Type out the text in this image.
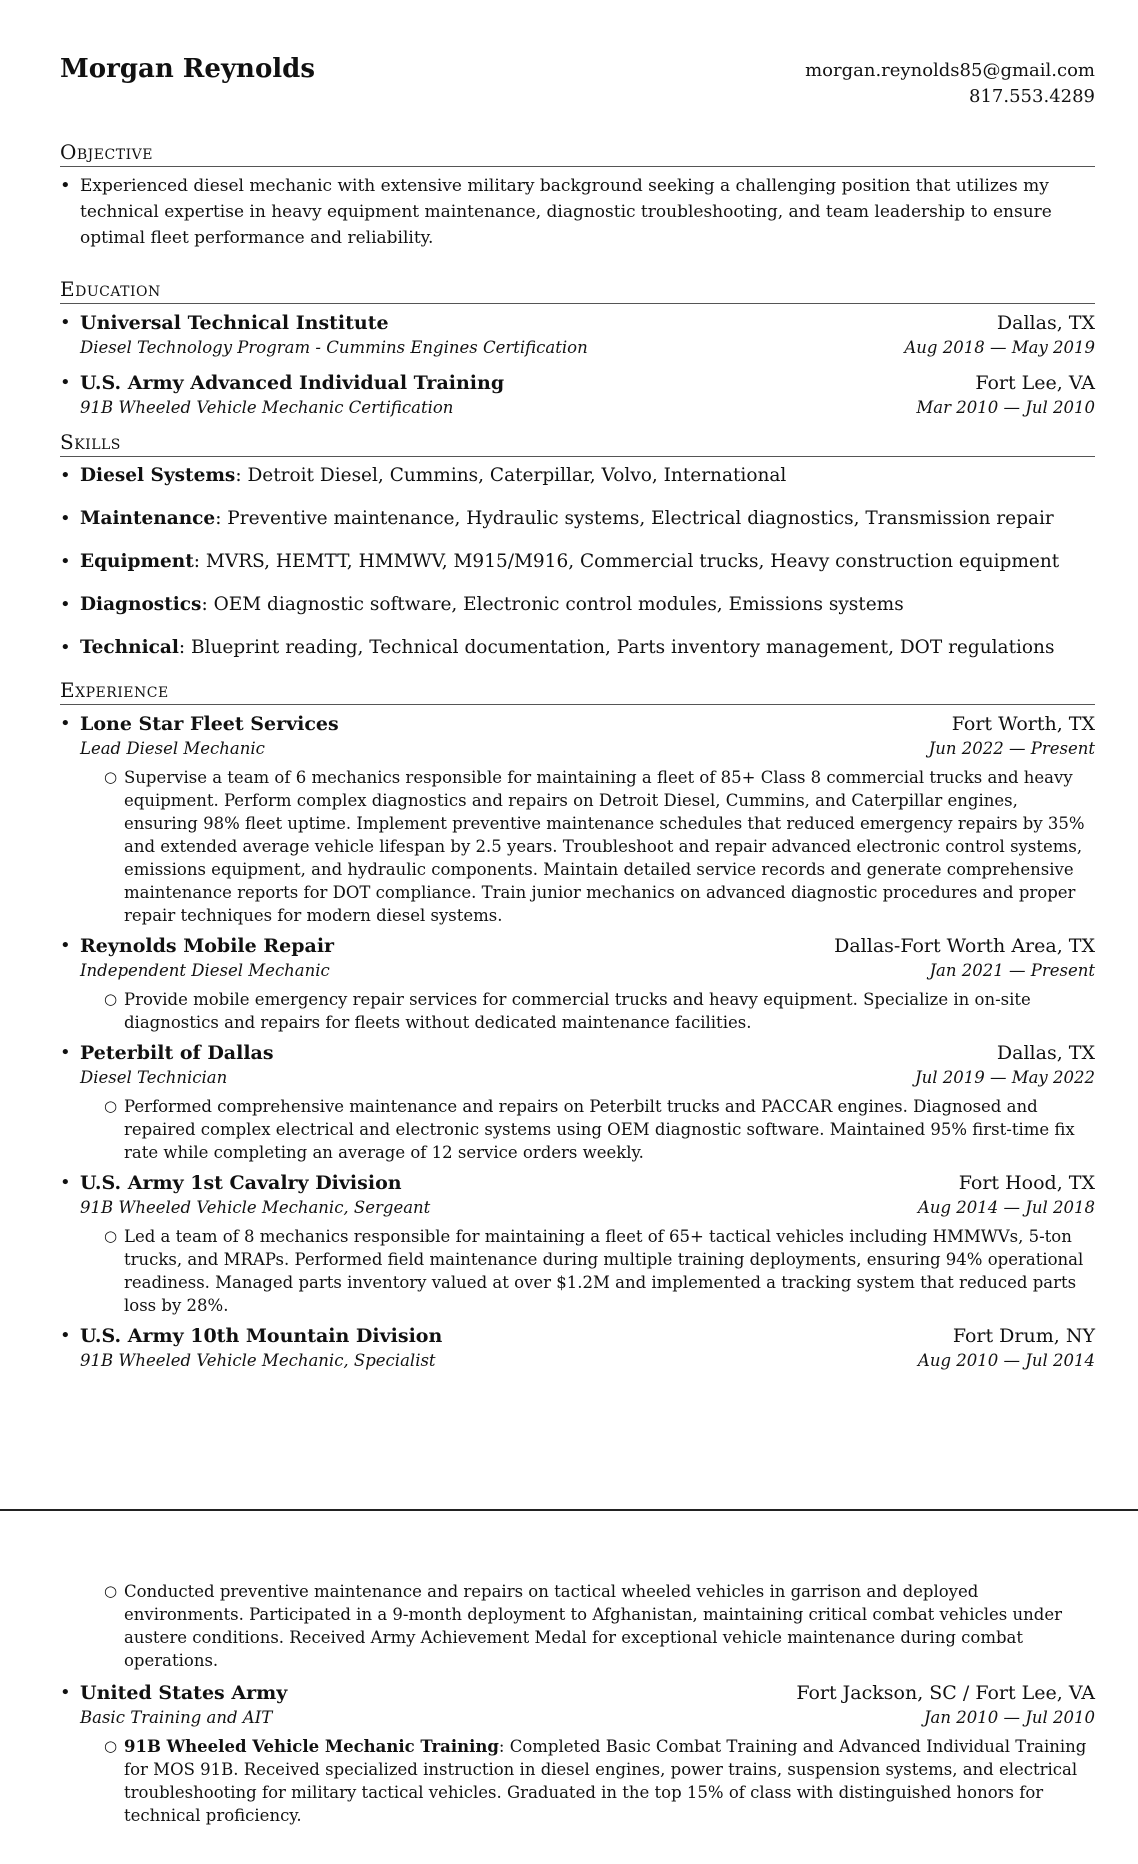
Morgan Reynolds	morgan.reynolds85@gmail.com
817.553.4289
Objective
• Experienced diesel mechanic with extensive military background seeking a challenging position that utilizes my technical expertise in heavy equipment maintenance, diagnostic troubleshooting, and team leadership to ensure optimal fleet performance and reliability.
Education
• Universal Technical Institute	Dallas, TX
Diesel Technology Program - Cummins Engines Certification	Aug 2018 — May 2019
• U.S. Army Advanced Individual Training	Fort Lee, VA
91B Wheeled Vehicle Mechanic Certification	Mar 2010 — Jul 2010
Skills
• Diesel Systems: Detroit Diesel, Cummins, Caterpillar, Volvo, International
• Maintenance: Preventive maintenance, Hydraulic systems, Electrical diagnostics, Transmission repair
• Equipment: MVRS, HEMTT, HMMWV, M915/M916, Commercial trucks, Heavy construction equipment
• Diagnostics: OEM diagnostic software, Electronic control modules, Emissions systems
• Technical: Blueprint reading, Technical documentation, Parts inventory management, DOT regulations
Experience
• Lone Star Fleet Services	Fort Worth, TX
Lead Diesel Mechanic	Jun 2022 — Present
○ Supervise a team of 6 mechanics responsible for maintaining a fleet of 85+ Class 8 commercial trucks and heavy equipment. Perform complex diagnostics and repairs on Detroit Diesel, Cummins, and Caterpillar engines, ensuring 98% fleet uptime. Implement preventive maintenance schedules that reduced emergency repairs by 35% and extended average vehicle lifespan by 2.5 years. Troubleshoot and repair advanced electronic control systems, emissions equipment, and hydraulic components. Maintain detailed service records and generate comprehensive maintenance reports for DOT compliance. Train junior mechanics on advanced diagnostic procedures and proper repair techniques for modern diesel systems.
• Reynolds Mobile Repair	Dallas-Fort Worth Area, TX
Independent Diesel Mechanic	Jan 2021 — Present
○ Provide mobile emergency repair services for commercial trucks and heavy equipment. Specialize in on-site diagnostics and repairs for fleets without dedicated maintenance facilities.
• Peterbilt of Dallas	Dallas, TX
Diesel Technician	Jul 2019 — May 2022
○ Performed comprehensive maintenance and repairs on Peterbilt trucks and PACCAR engines. Diagnosed and repaired complex electrical and electronic systems using OEM diagnostic software. Maintained 95% first-time fix rate while completing an average of 12 service orders weekly.
• U.S. Army 1st Cavalry Division	Fort Hood, TX
91B Wheeled Vehicle Mechanic, Sergeant	Aug 2014 — Jul 2018
○ Led a team of 8 mechanics responsible for maintaining a fleet of 65+ tactical vehicles including HMMWVs, 5-ton trucks, and MRAPs. Performed field maintenance during multiple training deployments, ensuring 94% operational readiness. Managed parts inventory valued at over $1.2M and implemented a tracking system that reduced parts loss by 28%.
• U.S. Army 10th Mountain Division	Fort Drum, NY
91B Wheeled Vehicle Mechanic, Specialist	Aug 2010 — Jul 2014
○ Conducted preventive maintenance and repairs on tactical wheeled vehicles in garrison and deployed environments. Participated in a 9-month deployment to Afghanistan, maintaining critical combat vehicles under austere conditions. Received Army Achievement Medal for exceptional vehicle maintenance during combat operations.
• United States Army	Fort Jackson, SC / Fort Lee, VA
Basic Training and AIT	Jan 2010 — Jul 2010
○ 91B Wheeled Vehicle Mechanic Training: Completed Basic Combat Training and Advanced Individual Training for MOS 91B. Received specialized instruction in diesel engines, power trains, suspension systems, and electrical troubleshooting for military tactical vehicles. Graduated in the top 15% of class with distinguished honors for technical proficiency.
